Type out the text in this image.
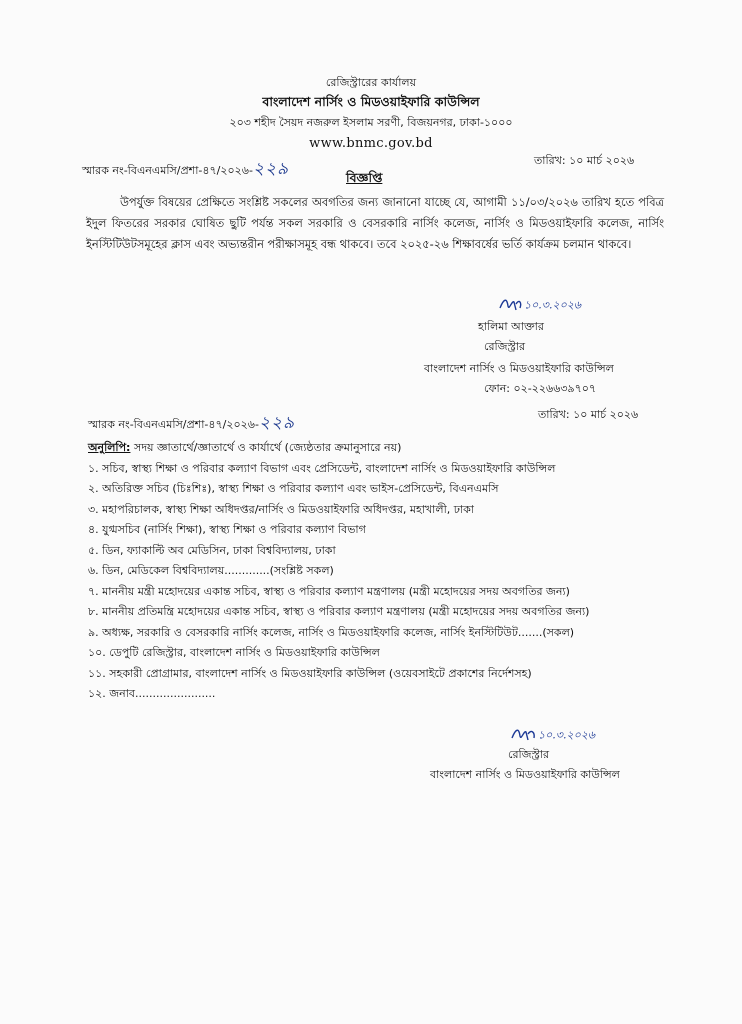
রেজিস্ট্রারের কার্যালয়
বাংলাদেশ নার্সিং ও মিডওয়াইফারি কাউন্সিল
২০৩ শহীদ সৈয়দ নজরুল ইসলাম সরণী, বিজয়নগর, ঢাকা-১০০০
www.bnmc.gov.bd
স্মারক নং-বিএনএমসি/প্রশা-৪৭/২০২৬-২২৯	তারিখ: ১০ মার্চ ২০২৬
বিজ্ঞপ্তি

উপর্যুক্ত বিষয়ের প্রেক্ষিতে সংশ্লিষ্ট সকলের অবগতির জন্য জানানো যাচ্ছে যে, আগামী ১১/০৩/২০২৬ তারিখ হতে পবিত্র ইদুল ফিতরের সরকার ঘোষিত ছুটি পর্যন্ত সকল সরকারি ও বেসরকারি নার্সিং কলেজ, নার্সিং ও মিডওয়াইফারি কলেজ, নার্সিং ইনস্টিটিউটসমূহের ক্লাস এবং অভ্যন্তরীন পরীক্ষাসমূহ বন্ধ থাকবে। তবে ২০২৫-২৬ শিক্ষাবর্ষের ভর্তি কার্যক্রম চলমান থাকবে।

১০.৩.২০২৬
হালিমা আক্তার
রেজিস্ট্রার
বাংলাদেশ নার্সিং ও মিডওয়াইফারি কাউন্সিল
ফোন: ০২-২২৬৬৩৯৭০৭
স্মারক নং-বিএনএমসি/প্রশা-৪৭/২০২৬-২২৯	তারিখ: ১০ মার্চ ২০২৬
অনুলিপি: সদয় জ্ঞাতার্থে/জ্ঞাতার্থে ও কার্যার্থে (জ্যেষ্ঠতার ক্রমানুসারে নয়)
১. সচিব, স্বাস্থ্য শিক্ষা ও পরিবার কল্যাণ বিভাগ এবং প্রেসিডেন্ট, বাংলাদেশ নার্সিং ও মিডওয়াইফারি কাউন্সিল
২. অতিরিক্ত সচিব (চিঃশিঃ), স্বাস্থ্য শিক্ষা ও পরিবার কল্যাণ এবং ভাইস-প্রেসিডেন্ট, বিএনএমসি
৩. মহাপরিচালক, স্বাস্থ্য শিক্ষা অধিদপ্তর/নার্সিং ও মিডওয়াইফারি অধিদপ্তর, মহাখালী, ঢাকা
৪. যুগ্মসচিব (নার্সিং শিক্ষা), স্বাস্থ্য শিক্ষা ও পরিবার কল্যাণ বিভাগ
৫. ডিন, ফ্যাকাল্টি অব মেডিসিন, ঢাকা বিশ্ববিদ্যালয়, ঢাকা
৬. ডিন, মেডিকেল বিশ্ববিদ্যালয়.............(সংশ্লিষ্ট সকল)
৭. মাননীয় মন্ত্রী মহোদয়ের একান্ত সচিব, স্বাস্থ্য ও পরিবার কল্যাণ মন্ত্রণালয় (মন্ত্রী মহোদয়ের সদয় অবগতির জন্য)
৮. মাননীয় প্রতিমন্ত্রি মহোদয়ের একান্ত সচিব, স্বাস্থ্য ও পরিবার কল্যাণ মন্ত্রণালয় (মন্ত্রী মহোদয়ের সদয় অবগতির জন্য)
৯. অধ্যক্ষ, সরকারি ও বেসরকারি নার্সিং কলেজ, নার্সিং ও মিডওয়াইফারি কলেজ, নার্সিং ইনস্টিটিউট.......(সকল)
১০. ডেপুটি রেজিস্ট্রার, বাংলাদেশ নার্সিং ও মিডওয়াইফারি কাউন্সিল
১১. সহকারী প্রোগ্রামার, বাংলাদেশ নার্সিং ও মিডওয়াইফারি কাউন্সিল (ওয়েবসাইটে প্রকাশের নির্দেশসহ)
১২. জনাব.......................
১০.৩.২০২৬
রেজিস্ট্রার
বাংলাদেশ নার্সিং ও মিডওয়াইফারি কাউন্সিল
